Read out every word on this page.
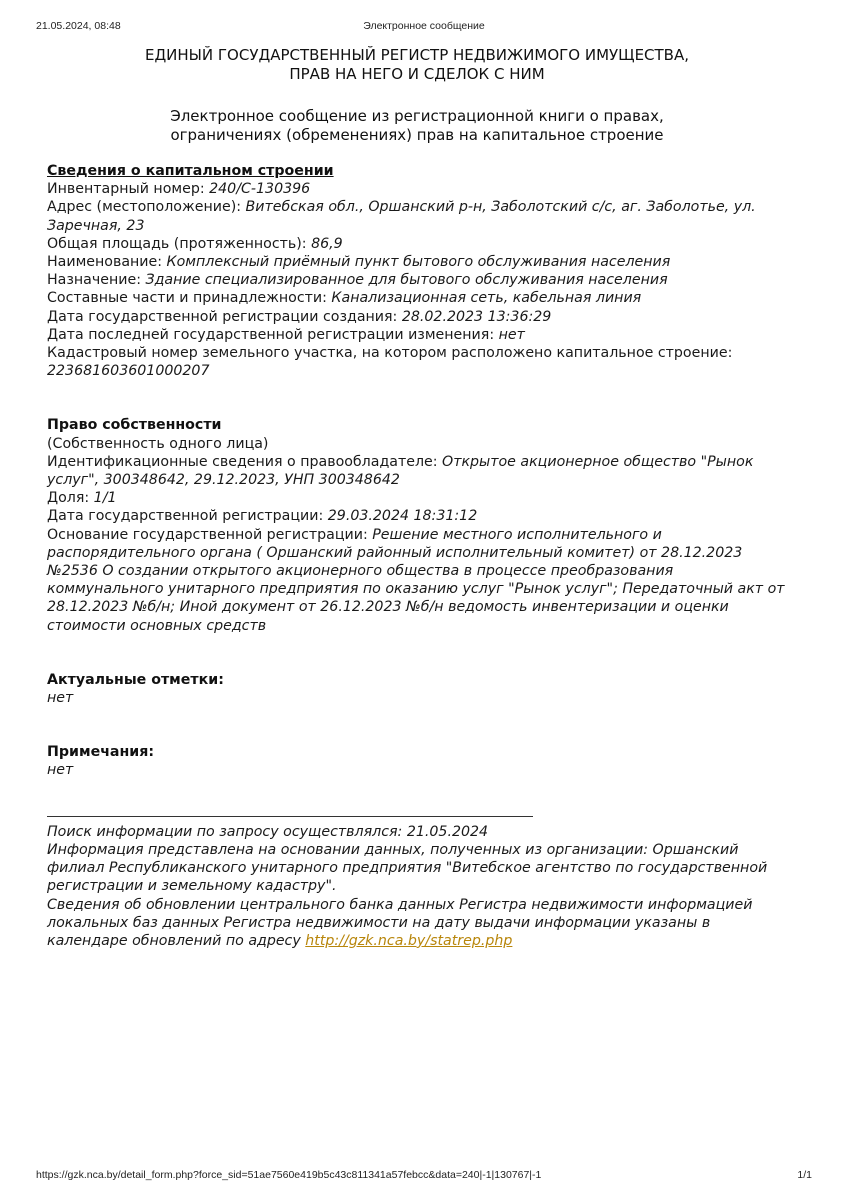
21.05.2024, 08:48	Электронное сообщение
ЕДИНЫЙ ГОСУДАРСТВЕННЫЙ РЕГИСТР НЕДВИЖИМОГО ИМУЩЕСТВА,
ПРАВ НА НЕГО И СДЕЛОК С НИМ
Электронное сообщение из регистрационной книги о правах,
ограничениях (обременениях) прав на капитальное строение
Сведения о капитальном строении
Инвентарный номер: 240/C-130396
Адрес (местоположение): Витебская обл., Оршанский р-н, Заболотский с/с, аг. Заболотье, ул. Заречная, 23
Общая площадь (протяженность): 86,9
Наименование: Комплексный приёмный пункт бытового обслуживания населения
Назначение: Здание специализированное для бытового обслуживания населения
Составные части и принадлежности: Канализационная сеть, кабельная линия
Дата государственной регистрации создания: 28.02.2023 13:36:29
Дата последней государственной регистрации изменения: нет
Кадастровый номер земельного участка, на котором расположено капитальное строение: 223681603601000207
Право собственности
(Собственность одного лица)
Идентификационные сведения о правообладателе: Открытое акционерное общество "Рынок услуг", 300348642, 29.12.2023, УНП 300348642
Доля: 1/1
Дата государственной регистрации: 29.03.2024 18:31:12
Основание государственной регистрации: Решение местного исполнительного и распорядительного органа ( Оршанский районный исполнительный комитет) от 28.12.2023 №2536 О создании открытого акционерного общества в процессе преобразования коммунального унитарного предприятия по оказанию услуг "Рынок услуг"; Передаточный акт от 28.12.2023 №б/н; Иной документ от 26.12.2023 №б/н ведомость инвентеризации и оценки стоимости основных средств
Актуальные отметки:
нет
Примечания:
нет
Поиск информации по запросу осуществлялся: 21.05.2024
Информация представлена на основании данных, полученных из организации: Оршанский филиал Республиканского унитарного предприятия "Витебское агентство по государственной регистрации и земельному кадастру".
Сведения об обновлении центрального банка данных Регистра недвижимости информацией локальных баз данных Регистра недвижимости на дату выдачи информации указаны в календаре обновлений по адресу http://gzk.nca.by/statrep.php
https://gzk.nca.by/detail_form.php?force_sid=51ae7560e419b5c43c811341a57febcc&data=240|-1|130767|-1	1/1
